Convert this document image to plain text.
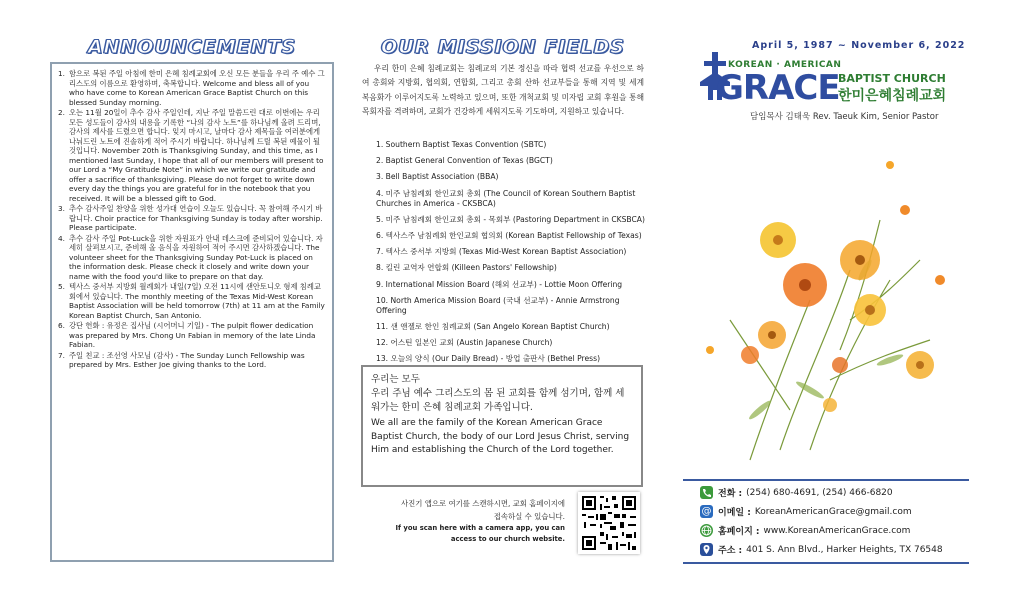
ANNOUNCEMENTS
1. 함으로 복된 주일 아침에 한미 은혜 침례교회에 오신 모든 분들을 우리 주 예수 그리스도의 이름으로 환영하며, 축복합니다. Welcome and bless all of you who have come to Korean American Grace Baptist Church on this blessed Sunday morning.
2. 오는 11월 20일이 추수 감사 주일인데, 지난 주일 말씀드린 대로 이번에는 우리 모든 성도들이 감사의 내용을 기록한 “나의 감사 노트”를 하나님께 올려 드리며, 감사의 제사를 드렸으면 합니다. 잊지 마시고, 날마다 감사 제목들을 여러분에게 나눠드린 노트에 진솔하게 적어 주시기 바랍니다. 하나님께 드릴 복된 예물이 될 것입니다. November 20th is Thanksgiving Sunday, and this time, as I mentioned last Sunday, I hope that all of our members will present to our Lord a “My Gratitude Note” in which we write our gratitude and offer a sacrifice of thanksgiving. Please do not forget to write down every day the things you are grateful for in the notebook that you received. It will be a blessed gift to God.
3. 추수 감사주일 찬양을 위한 성가대 연습이 오늘도 있습니다. 꼭 참여해 주시기 바랍니다. Choir practice for Thanksgiving Sunday is today after worship. Please participate.
4. 추수 감사 주일 Pot-Luck을 위한 자원표가 안내 데스크에 준비되어 있습니다. 자세히 살펴보시고, 준비해 올 음식을 자원하여 적어 주시면 감사하겠습니다. The volunteer sheet for the Thanksgiving Sunday Pot-Luck is placed on the information desk. Please check it closely and write down your name with the food you'd like to prepare on that day.
5. 텍사스 중서부 지방회 월례회가 내일(7일) 오전 11시에 샌안토니오 형제 침례교회에서 있습니다. The monthly meeting of the Texas Mid-West Korean Baptist Association will be held tomorrow (7th) at 11 am at the Family Korean Baptist Church, San Antonio.
6. 강단 헌화 : 유정은 집사님 (시어머니 기일) - The pulpit flower dedication was prepared by Mrs. Chong Un Fabian in memory of the late Linda Fabian.
7. 주일 친교 : 조선영 사모님 (감사) - The Sunday Lunch Fellowship was prepared by Mrs. Esther Joe giving thanks to the Lord.
OUR MISSION FIELDS
우리 한미 은혜 침례교회는 침례교의 기본 정신을 따라 협력 선교를 우선으로 하여 총회와 지방회, 협의회, 연합회, 그리고 총회 산하 선교부들을 통해 지역 및 세계 복음화가 이루어지도록 노력하고 있으며, 또한 개척교회 및 미자립 교회 후원을 통해 목회자를 격려하며, 교회가 건강하게 세워지도록 기도하며, 지원하고 있습니다.
1. Southern Baptist Texas Convention (SBTC)
2. Baptist General Convention of Texas (BGCT)
3. Bell Baptist Association (BBA)
4. 미주 남침례회 한인교회 총회 (The Council of Korean Southern Baptist Churches in America - CKSBCA)
5. 미주 남침례회 한인교회 총회 - 목회부 (Pastoring Department in CKSBCA)
6. 텍사스주 남침례회 한인교회 협의회 (Korean Baptist Fellowship of Texas)
7. 텍사스 중서부 지방회 (Texas Mid-West Korean Baptist Association)
8. 킬린 교역자 연합회 (Killeen Pastors' Fellowship)
9. International Mission Board (해외 선교부) - Lottie Moon Offering
10. North America Mission Board (국내 선교부) - Annie Armstrong Offering
11. 샌 앤젤로 한인 침례교회 (San Angelo Korean Baptist Church)
12. 어스틴 일본인 교회 (Austin Japanese Church)
13. 오늘의 양식 (Our Daily Bread) - 방업 출판사 (Bethel Press)
우리는 모두
우리 주님 예수 그리스도의 몸 된 교회를 함께 섬기며, 함께 세워가는 한미 은혜 침례교회 가족입니다.
We all are the family of the Korean American Grace Baptist Church, the body of our Lord Jesus Christ, serving Him and establishing the Church of the Lord together.
사진기 앱으로 여기를 스캔하시면, 교회 홈페이지에 접속하실 수 있습니다.
If you scan here with a camera app, you can access to our church website.
April 5, 1987 ~ November 6, 2022
KOREAN · AMERICAN
GRACE
BAPTIST CHURCH
한미은혜침례교회
담임목사 김태욱 Rev. Taeuk Kim, Senior Pastor
전화 : (254) 680-4691, (254) 466-6820
@ 이메일 : KoreanAmericanGrace@gmail.com
홈페이지 : www.KoreanAmericanGrace.com
주소 : 401 S. Ann Blvd., Harker Heights, TX 76548
